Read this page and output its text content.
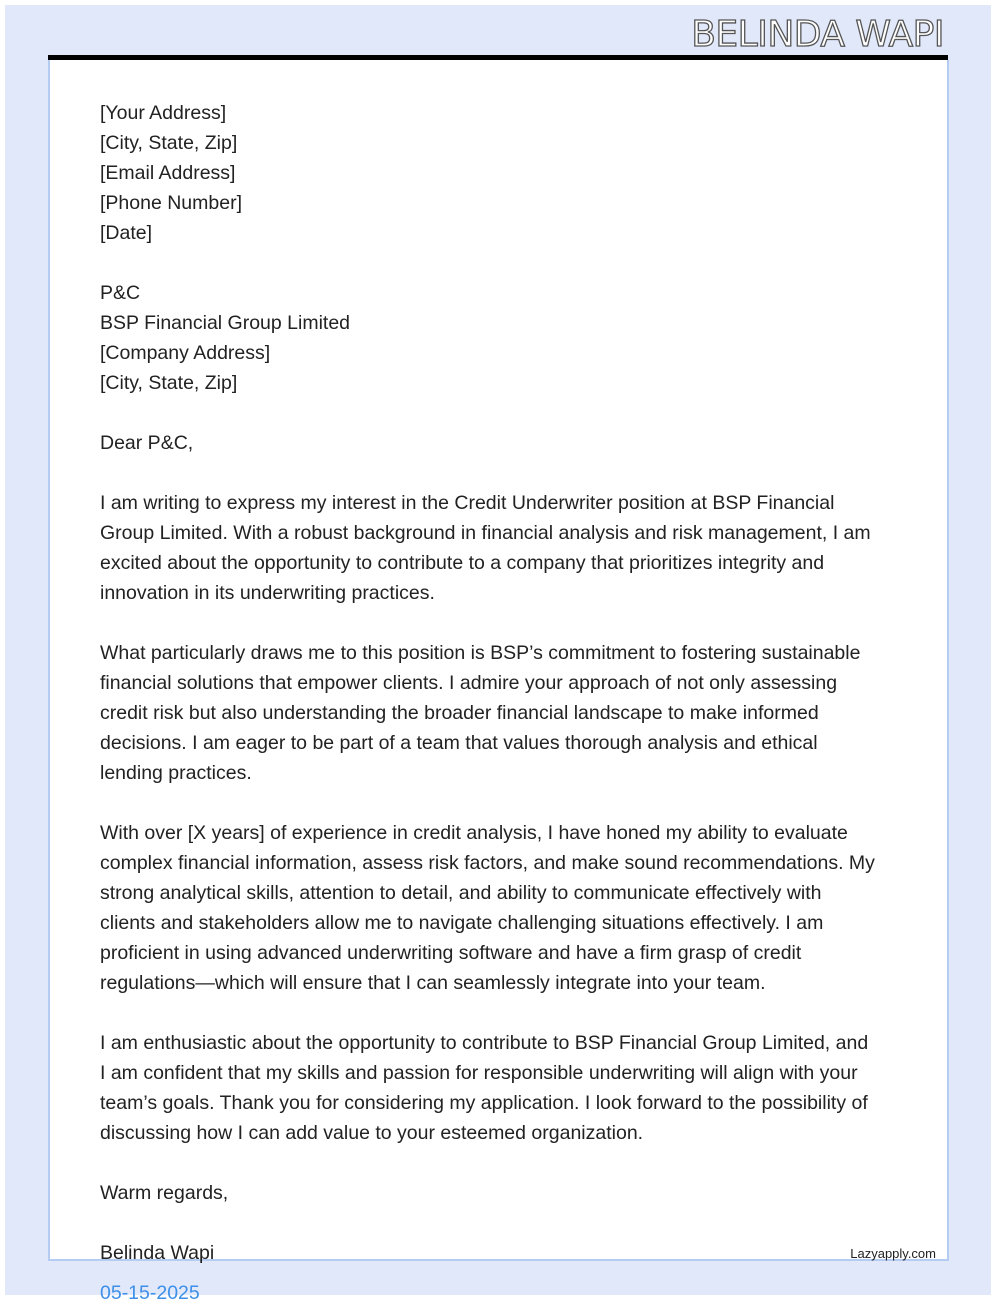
BELINDA WAPI
[Your Address]
[City, State, Zip]
[Email Address]
[Phone Number]
[Date]
P&C
BSP Financial Group Limited
[Company Address]
[City, State, Zip]
Dear P&C,
I am writing to express my interest in the Credit Underwriter position at BSP Financial
Group Limited. With a robust background in financial analysis and risk management, I am
excited about the opportunity to contribute to a company that prioritizes integrity and
innovation in its underwriting practices.
What particularly draws me to this position is BSP’s commitment to fostering sustainable
financial solutions that empower clients. I admire your approach of not only assessing
credit risk but also understanding the broader financial landscape to make informed
decisions. I am eager to be part of a team that values thorough analysis and ethical
lending practices.
With over [X years] of experience in credit analysis, I have honed my ability to evaluate
complex financial information, assess risk factors, and make sound recommendations. My
strong analytical skills, attention to detail, and ability to communicate effectively with
clients and stakeholders allow me to navigate challenging situations effectively. I am
proficient in using advanced underwriting software and have a firm grasp of credit
regulations—which will ensure that I can seamlessly integrate into your team.
I am enthusiastic about the opportunity to contribute to BSP Financial Group Limited, and
I am confident that my skills and passion for responsible underwriting will align with your
team’s goals. Thank you for considering my application. I look forward to the possibility of
discussing how I can add value to your esteemed organization.
Warm regards,
Belinda Wapi
05-15-2025
Lazyapply.com
